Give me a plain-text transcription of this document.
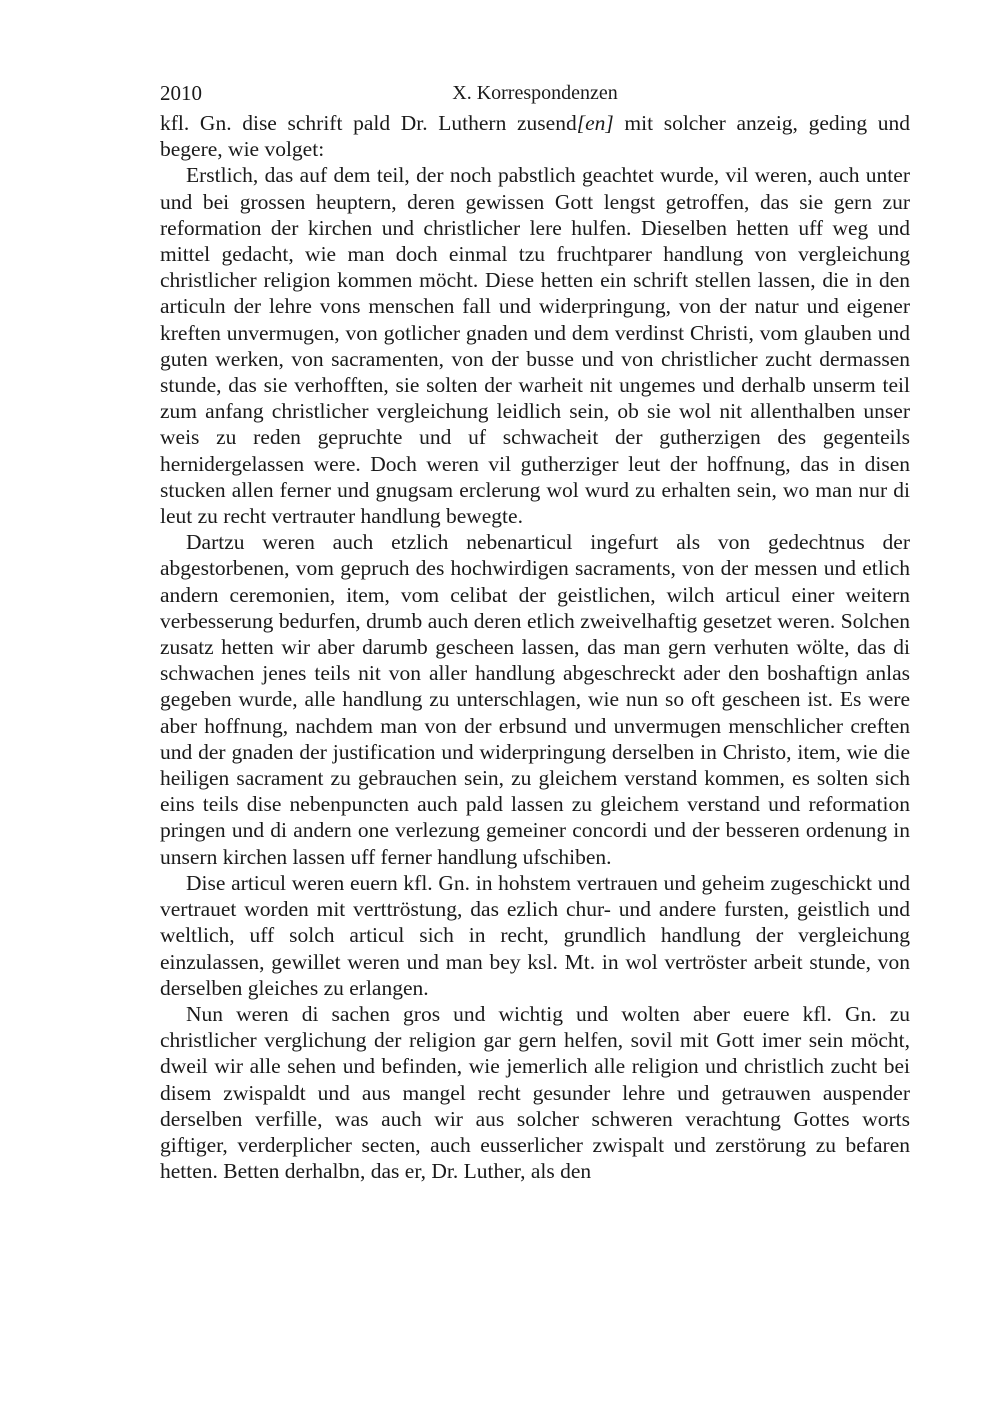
2010	X. Korrespondenzen

kfl. Gn. dise schrift pald Dr. Luthern zusend[en] mit solcher anzeig, geding und begere, wie volget:

Erstlich, das auf dem teil, der noch pabstlich geachtet wurde, vil weren, auch unter und bei grossen heuptern, deren gewissen Gott lengst getroffen, das sie gern zur reformation der kirchen und christlicher lere hulfen. Dieselben hetten uff weg und mittel gedacht, wie man doch einmal tzu fruchtparer handlung von vergleichung christlicher religion kommen möcht. Diese hetten ein schrift stellen lassen, die in den articuln der lehre vons menschen fall und widerpringung, von der natur und eigener kreften unvermugen, von gotlicher gnaden und dem verdinst Christi, vom glauben und guten werken, von sacramenten, von der busse und von christlicher zucht dermassen stunde, das sie verhofften, sie solten der warheit nit ungemes und derhalb unserm teil zum anfang christlicher vergleichung leidlich sein, ob sie wol nit allenthalben unser weis zu reden gepruchte und uf schwacheit der gutherzigen des gegenteils hernidergelassen were. Doch weren vil gutherziger leut der hoffnung, das in disen stucken allen ferner und gnugsam erclerung wol wurd zu erhalten sein, wo man nur di leut zu recht vertrauter handlung bewegte.

Dartzu weren auch etzlich nebenarticul ingefurt als von gedechtnus der abgestorbenen, vom gepruch des hochwirdigen sacraments, von der messen und etlich andern ceremonien, item, vom celibat der geistlichen, wilch articul einer weitern verbesserung bedurfen, drumb auch deren etlich zweivelhaftig gesetzet weren. Solchen zusatz hetten wir aber darumb gescheen lassen, das man gern verhuten wölte, das di schwachen jenes teils nit von aller handlung abgeschreckt ader den boshaftign anlas gegeben wurde, alle handlung zu unterschlagen, wie nun so oft gescheen ist. Es were aber hoffnung, nachdem man von der erbsund und unvermugen menschlicher creften und der gnaden der justification und widerpringung derselben in Christo, item, wie die heiligen sacrament zu gebrauchen sein, zu gleichem verstand kommen, es solten sich eins teils dise nebenpuncten auch pald lassen zu gleichem verstand und reformation pringen und di andern one verlezung gemeiner concordi und der besseren ordenung in unsern kirchen lassen uff ferner handlung ufschiben.

Dise articul weren euern kfl. Gn. in hohstem vertrauen und geheim zugeschickt und vertrauet worden mit verttröstung, das ezlich chur- und andere fursten, geistlich und weltlich, uff solch articul sich in recht, grundlich handlung der vergleichung einzulassen, gewillet weren und man bey ksl. Mt. in wol vertröster arbeit stunde, von derselben gleiches zu erlangen.

Nun weren di sachen gros und wichtig und wolten aber euere kfl. Gn. zu christlicher verglichung der religion gar gern helfen, sovil mit Gott imer sein möcht, dweil wir alle sehen und befinden, wie jemerlich alle religion und christlich zucht bei disem zwispaldt und aus mangel recht gesunder lehre und getrauwen auspender derselben verfille, was auch wir aus solcher schweren verachtung Gottes worts giftiger, verderplicher secten, auch eusserlicher zwispalt und zerstörung zu befaren hetten. Betten derhalbn, das er, Dr. Luther, als den
